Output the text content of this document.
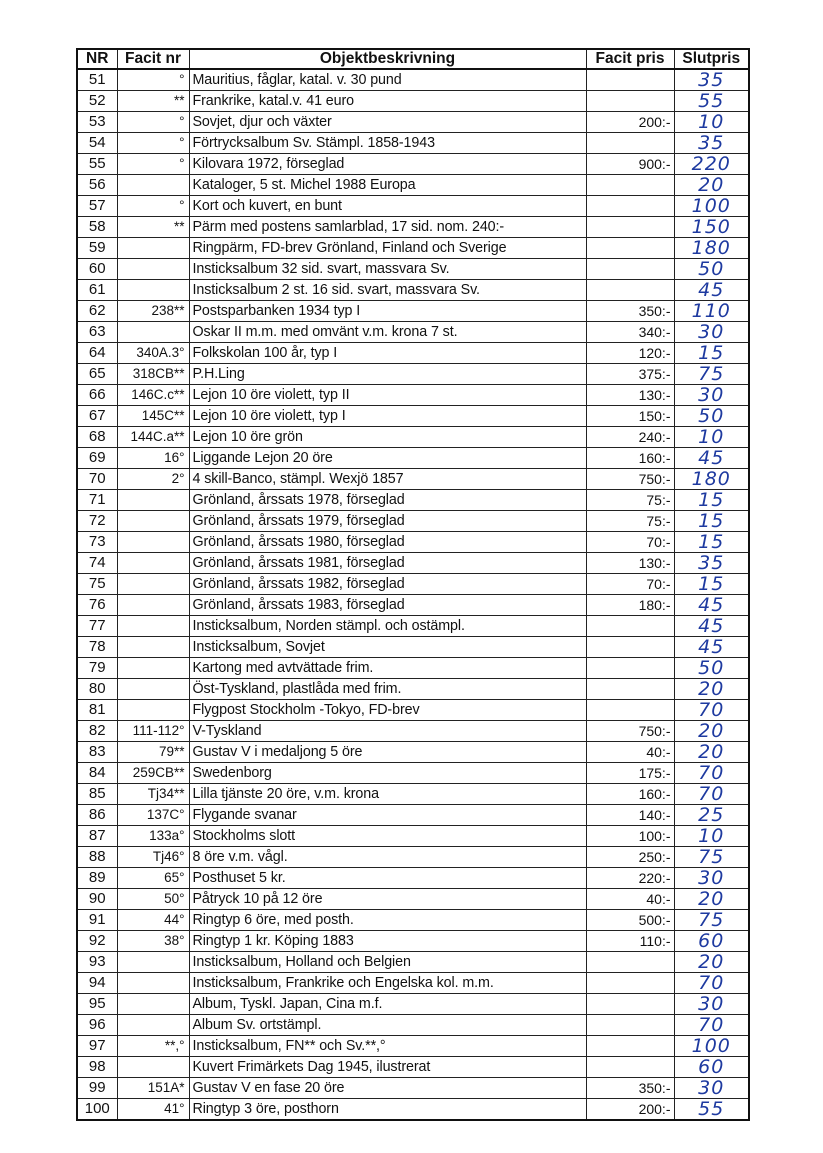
NR	Facit nr	Objektbeskrivning	Facit pris	Slutpris
51	°	Mauritius, fåglar, katal. v. 30 pund		35
52	**	Frankrike, katal.v. 41 euro		55
53	°	Sovjet, djur och växter	200:-	10
54	°	Förtrycksalbum Sv. Stämpl. 1858-1943		35
55	°	Kilovara 1972, förseglad	900:-	220
56		Kataloger, 5 st. Michel 1988 Europa		20
57	°	Kort och kuvert, en bunt		100
58	**	Pärm med postens samlarblad, 17 sid. nom. 240:-		150
59		Ringpärm, FD-brev Grönland, Finland och Sverige		180
60		Insticksalbum 32 sid. svart, massvara Sv.		50
61		Insticksalbum 2 st. 16 sid. svart, massvara Sv.		45
62	238**	Postsparbanken 1934 typ I	350:-	110
63		Oskar II m.m. med omvänt v.m. krona 7 st.	340:-	30
64	340A.3°	Folkskolan 100 år, typ I	120:-	15
65	318CB**	P.H.Ling	375:-	75
66	146C.c**	Lejon 10 öre violett, typ II	130:-	30
67	145C**	Lejon 10 öre violett, typ I	150:-	50
68	144C.a**	Lejon 10 öre grön	240:-	10
69	16°	Liggande Lejon 20 öre	160:-	45
70	2°	4 skill-Banco, stämpl. Wexjö 1857	750:-	180
71		Grönland, årssats 1978, förseglad	75:-	15
72		Grönland, årssats 1979, förseglad	75:-	15
73		Grönland, årssats 1980, förseglad	70:-	15
74		Grönland, årssats 1981, förseglad	130:-	35
75		Grönland, årssats 1982, förseglad	70:-	15
76		Grönland, årssats 1983, förseglad	180:-	45
77		Insticksalbum, Norden stämpl. och ostämpl.		45
78		Insticksalbum, Sovjet		45
79		Kartong med avtvättade frim.		50
80		Öst-Tyskland, plastlåda med frim.		20
81		Flygpost Stockholm -Tokyo, FD-brev		70
82	111-112°	V-Tyskland	750:-	20
83	79**	Gustav V i medaljong 5 öre	40:-	20
84	259CB**	Swedenborg	175:-	70
85	Tj34**	Lilla tjänste 20 öre, v.m. krona	160:-	70
86	137C°	Flygande svanar	140:-	25
87	133a°	Stockholms slott	100:-	10
88	Tj46°	8 öre v.m. vågl.	250:-	75
89	65°	Posthuset 5 kr.	220:-	30
90	50°	Påtryck 10 på 12 öre	40:-	20
91	44°	Ringtyp 6 öre, med posth.	500:-	75
92	38°	Ringtyp 1 kr. Köping 1883	110:-	60
93		Insticksalbum, Holland och Belgien		20
94		Insticksalbum, Frankrike och Engelska kol. m.m.		70
95		Album, Tyskl. Japan, Cina m.f.		30
96		Album Sv. ortstämpl.		70
97	**,°	Insticksalbum, FN** och Sv.**,°		100
98		Kuvert Frimärkets Dag 1945, ilustrerat		60
99	151A*	Gustav V en fase 20 öre	350:-	30
100	41°	Ringtyp 3 öre, posthorn	200:-	55
